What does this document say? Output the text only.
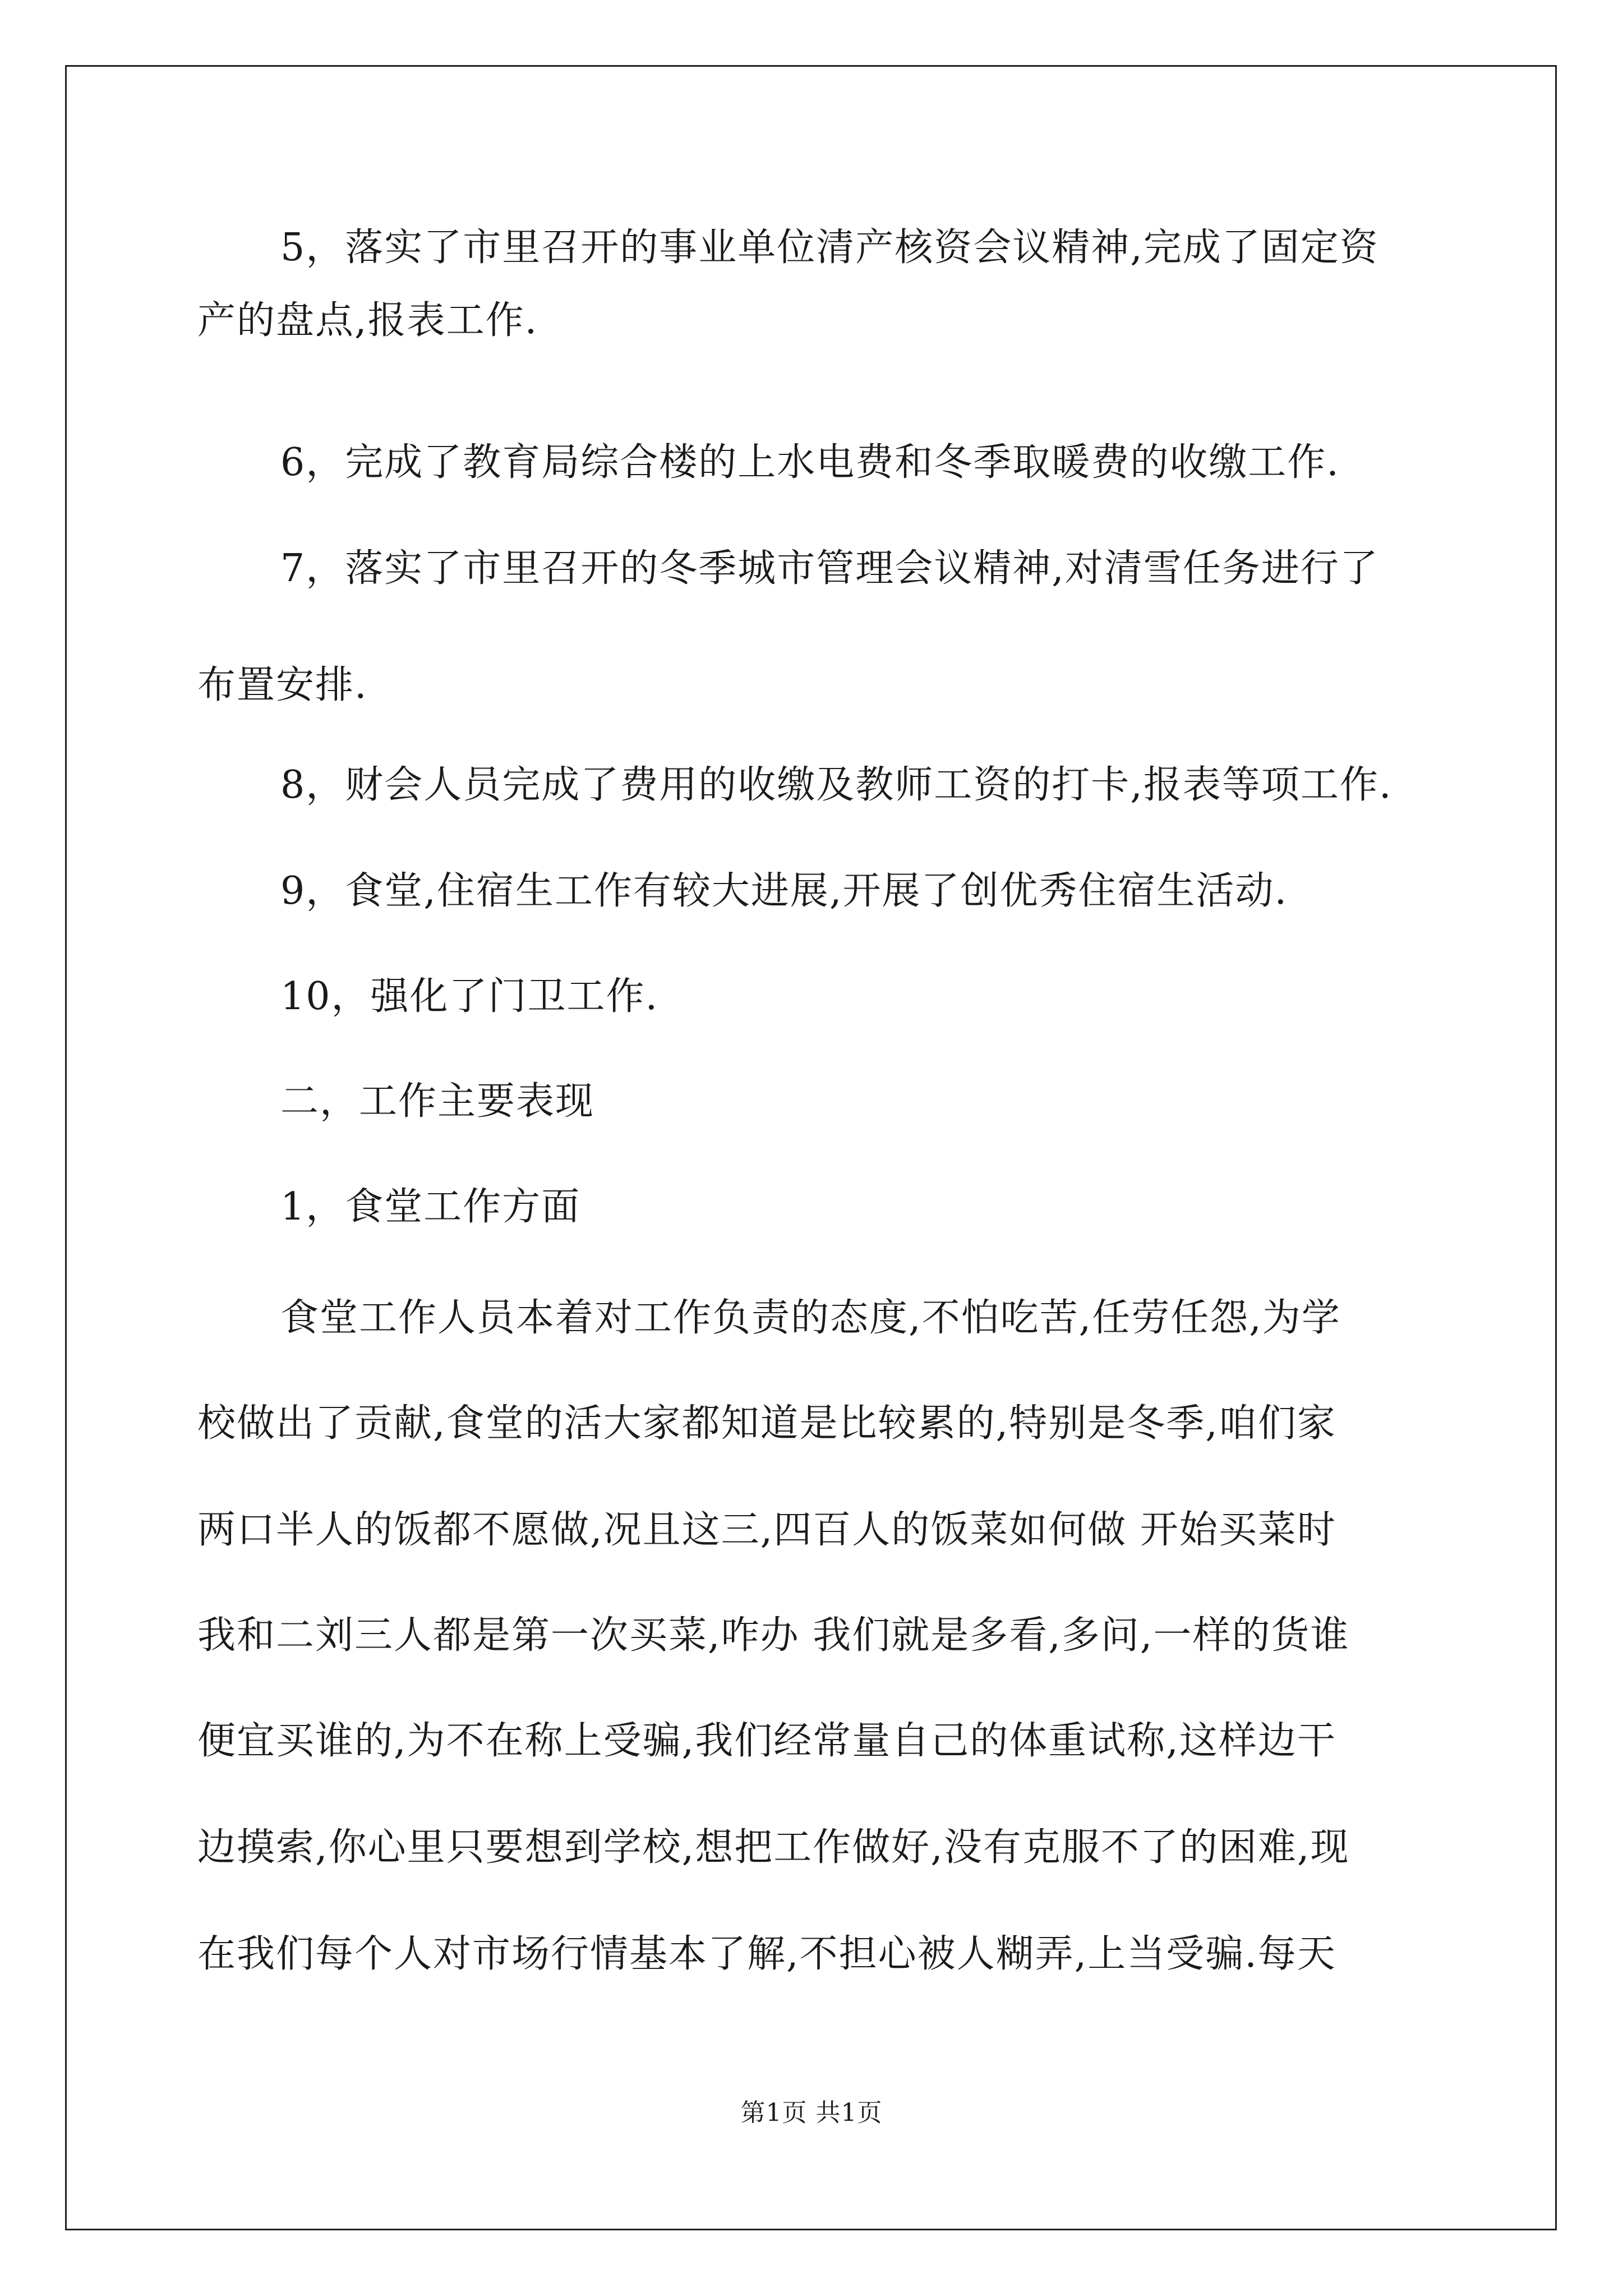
5，落实了市里召开的事业单位清产核资会议精神,完成了固定资
产的盘点,报表工作.
6，完成了教育局综合楼的上水电费和冬季取暖费的收缴工作.
7，落实了市里召开的冬季城市管理会议精神,对清雪任务进行了
布置安排.
8，财会人员完成了费用的收缴及教师工资的打卡,报表等项工作.
9，食堂,住宿生工作有较大进展,开展了创优秀住宿生活动.
10，强化了门卫工作.
二，工作主要表现
1，食堂工作方面
食堂工作人员本着对工作负责的态度,不怕吃苦,任劳任怨,为学
校做出了贡献,食堂的活大家都知道是比较累的,特别是冬季,咱们家
两口半人的饭都不愿做,况且这三,四百人的饭菜如何做 开始买菜时
我和二刘三人都是第一次买菜,咋办 我们就是多看,多问,一样的货谁
便宜买谁的,为不在称上受骗,我们经常量自己的体重试称,这样边干
边摸索,你心里只要想到学校,想把工作做好,没有克服不了的困难,现
在我们每个人对市场行情基本了解,不担心被人糊弄,上当受骗.每天
第1页 共1页
